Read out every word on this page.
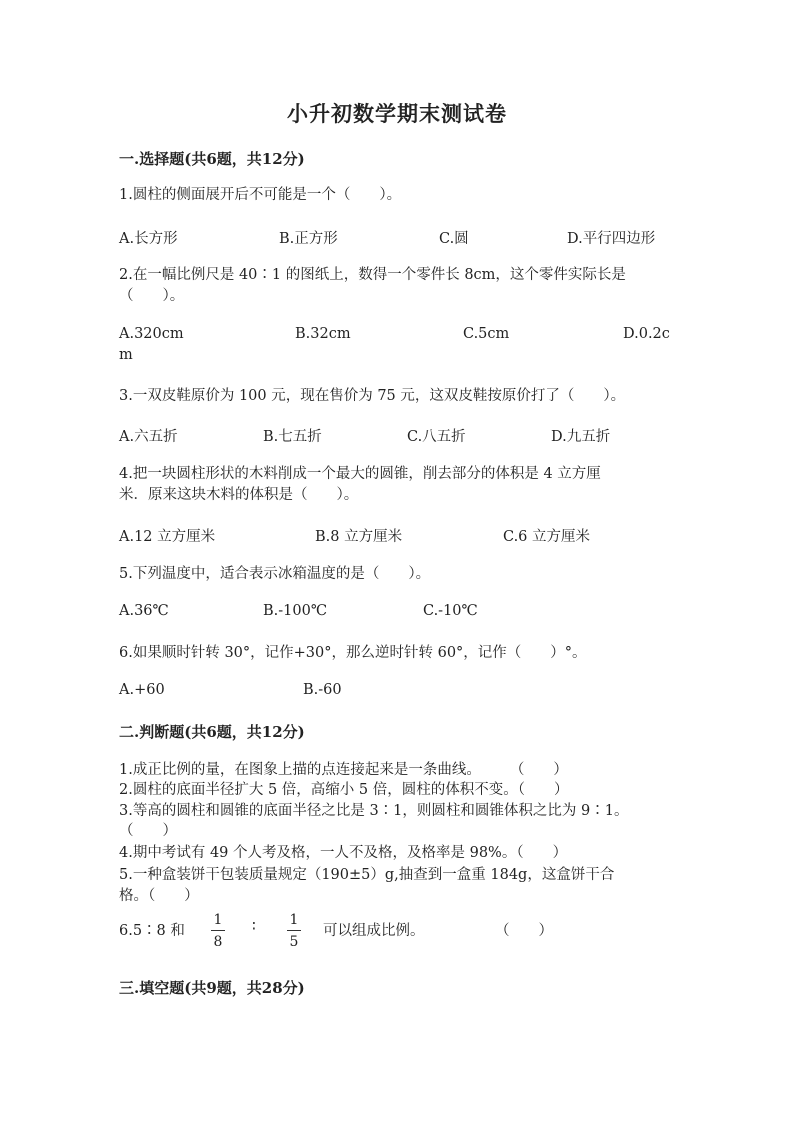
小升初数学期末测试卷
一.选择题(共6题，共12分)
1.圆柱的侧面展开后不可能是一个（　　）。
A.长方形	B.正方形	C.圆	D.平行四边形
2.在一幅比例尺是 40∶1 的图纸上，数得一个零件长 8cm，这个零件实际长是
（　　）。
A.320cm	B.32cm	C.5cm	D.0.2c
m
3.一双皮鞋原价为 100 元，现在售价为 75 元，这双皮鞋按原价打了（　　）。
A.六五折	B.七五折	C.八五折	D.九五折
4.把一块圆柱形状的木料削成一个最大的圆锥，削去部分的体积是 4 立方厘
米．原来这块木料的体积是（　　）。
A.12 立方厘米	B.8 立方厘米	C.6 立方厘米
5.下列温度中，适合表示冰箱温度的是（　　）。
A.36℃	B.-100℃	C.-10℃
6.如果顺时针转 30°，记作+30°，那么逆时针转 60°，记作（　　）°。
A.+60	B.-60
二.判断题(共6题，共12分)
1.成正比例的量，在图象上描的点连接起来是一条曲线。　　　（　　）
2.圆柱的底面半径扩大 5 倍，高缩小 5 倍，圆柱的体积不变。（　　）
3.等高的圆柱和圆锥的底面半径之比是 3∶1，则圆柱和圆锥体积之比为 9∶1。
（　　）
4.期中考试有 49 个人考及格，一人不及格，及格率是 98%。（　　）
5.一种盒装饼干包装质量规定（190±5）g,抽查到一盒重 184g，这盒饼干合
格。（　　）
6.5∶8 和
1
8
∶ 1
5
可以组成比例。	（　　）
三.填空题(共9题，共28分)
